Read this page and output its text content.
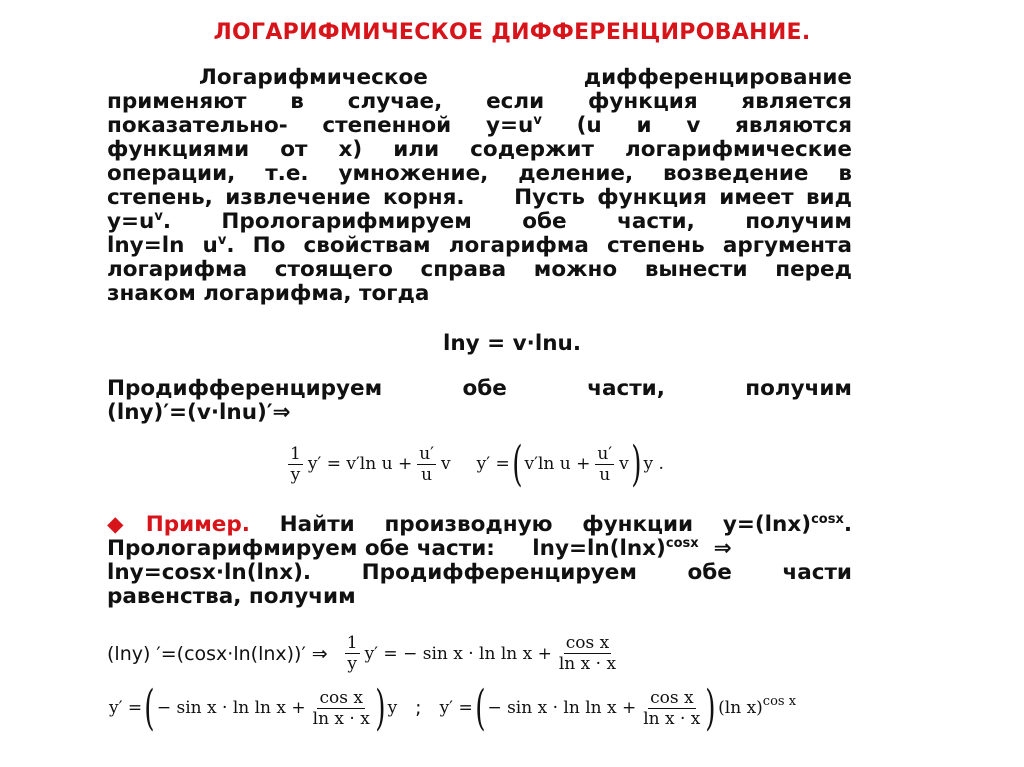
ЛОГАРИФМИЧЕСКОЕ ДИФФЕРЕНЦИРОВАНИЕ.
Логарифмическое	дифференцирование
применяют в случае, если функция является
показательно- степенной $y=u^v$ (u и v являются
функциями от x) или содержит логарифмические
операции, т.е. умножение, деление, возведение в
степень, извлечение корня.    Пусть функция имеет вид
$y=u^v$. Прологарифмируем обе части, получим
lny=ln $u^v$. По свойствам логарифма степень аргумента
логарифма стоящего справа можно вынести перед
знаком логарифма, тогда
lny = v·lnu.
Продифференцируем обе части, получим
(lny)′=(v·lnu)′⇒
$\frac{1}{y} y' = v'\ln$ $u + \frac{u'}{u}$ v y′ = ( v′ln $u + \frac{u'}{u}$ v ) y .
◆Пример. Найти производную функции $y=(\ln x)^{cosx}$.
Прологарифмируем обе части:     $\ln y=\ln(\ln x)^{cosx}$  ⇒
lny=cosx·ln(lnx). Продифференцируем обе части
равенства, получим
(lny) ′=(cosx·ln(lnx))′ ⇒ $\frac{1}{y} y'$ = − $\sin x \cdot \ln \ln x + \frac{\text{cos x}}{\text{ln x · x}}$
y′ = ( − $\sin x \cdot \ln \ln x + \frac{\text{cos x}}{\text{ln x · x}}$ ) y ; y′ = ( − $\sin x \cdot \ln \ln x + \frac{\text{cos x}}{\text{ln x · x}}$ ) (ln x)$^{cos x}$
